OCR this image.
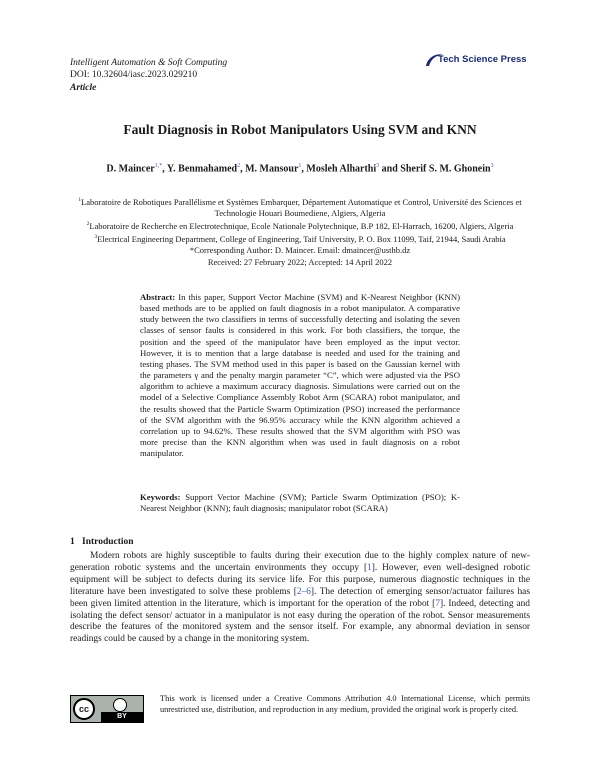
Intelligent Automation & Soft Computing
DOI: 10.32604/iasc.2023.029210
Article
Tech Science Press
Fault Diagnosis in Robot Manipulators Using SVM and KNN
D. Maincer$^{1,*}$, Y. Benmahamed$^2$, M. Mansour$^1$, Mosleh Alharthi$^3$ and Sherif S. M. Ghonein$^3$
$^1$Laboratoire de Robotiques Parallélisme et Systèmes Embarquer, Département Automatique et Control, Université des Sciences et Technologie Houari Boumediene, Algiers, Algeria
$^2$Laboratoire de Recherche en Electrotechnique, Ecole Nationale Polytechnique, B.P 182, El-Harrach, 16200, Algiers, Algeria
$^3$Electrical Engineering Department, College of Engineering, Taif University, P. O. Box 11099, Taif, 21944, Saudi Arabia
*Corresponding Author: D. Maincer. Email: dmaincer@usthb.dz
Received: 27 February 2022; Accepted: 14 April 2022
Abstract: In this paper, Support Vector Machine (SVM) and K-Nearest Neighbor (KNN) based methods are to be applied on fault diagnosis in a robot manipulator. A comparative study between the two classifiers in terms of successfully detecting and isolating the seven classes of sensor faults is considered in this work. For both classifiers, the torque, the position and the speed of the manipulator have been employed as the input vector. However, it is to mention that a large database is needed and used for the training and testing phases. The SVM method used in this paper is based on the Gaussian kernel with the parameters γ and the penalty margin parameter “C”, which were adjusted via the PSO algorithm to achieve a maximum accuracy diagnosis. Simulations were carried out on the model of a Selective Compliance Assembly Robot Arm (SCARA) robot manipulator, and the results showed that the Particle Swarm Optimization (PSO) increased the performance of the SVM algorithm with the 96.95% accuracy while the KNN algorithm achieved a correlation up to 94.62%. These results showed that the SVM algorithm with PSO was more precise than the KNN algorithm when was used in fault diagnosis on a robot manipulator.
Keywords: Support Vector Machine (SVM); Particle Swarm Optimization (PSO); K-Nearest Neighbor (KNN); fault diagnosis; manipulator robot (SCARA)
1 Introduction
Modern robots are highly susceptible to faults during their execution due to the highly complex nature of new-generation robotic systems and the uncertain environments they occupy [1]. However, even well-designed robotic equipment will be subject to defects during its service life. For this purpose, numerous diagnostic techniques in the literature have been investigated to solve these problems [2–6]. The detection of emerging sensor/actuator failures has been given limited attention in the literature, which is important for the operation of the robot [7]. Indeed, detecting and isolating the defect sensor/ actuator in a manipulator is not easy during the operation of the robot. Sensor measurements describe the features of the monitored system and the sensor itself. For example, any abnormal deviation in sensor readings could be caused by a change in the monitoring system.
cc
BY
This work is licensed under a Creative Commons Attribution 4.0 International License, which permits unrestricted use, distribution, and reproduction in any medium, provided the original work is properly cited.
